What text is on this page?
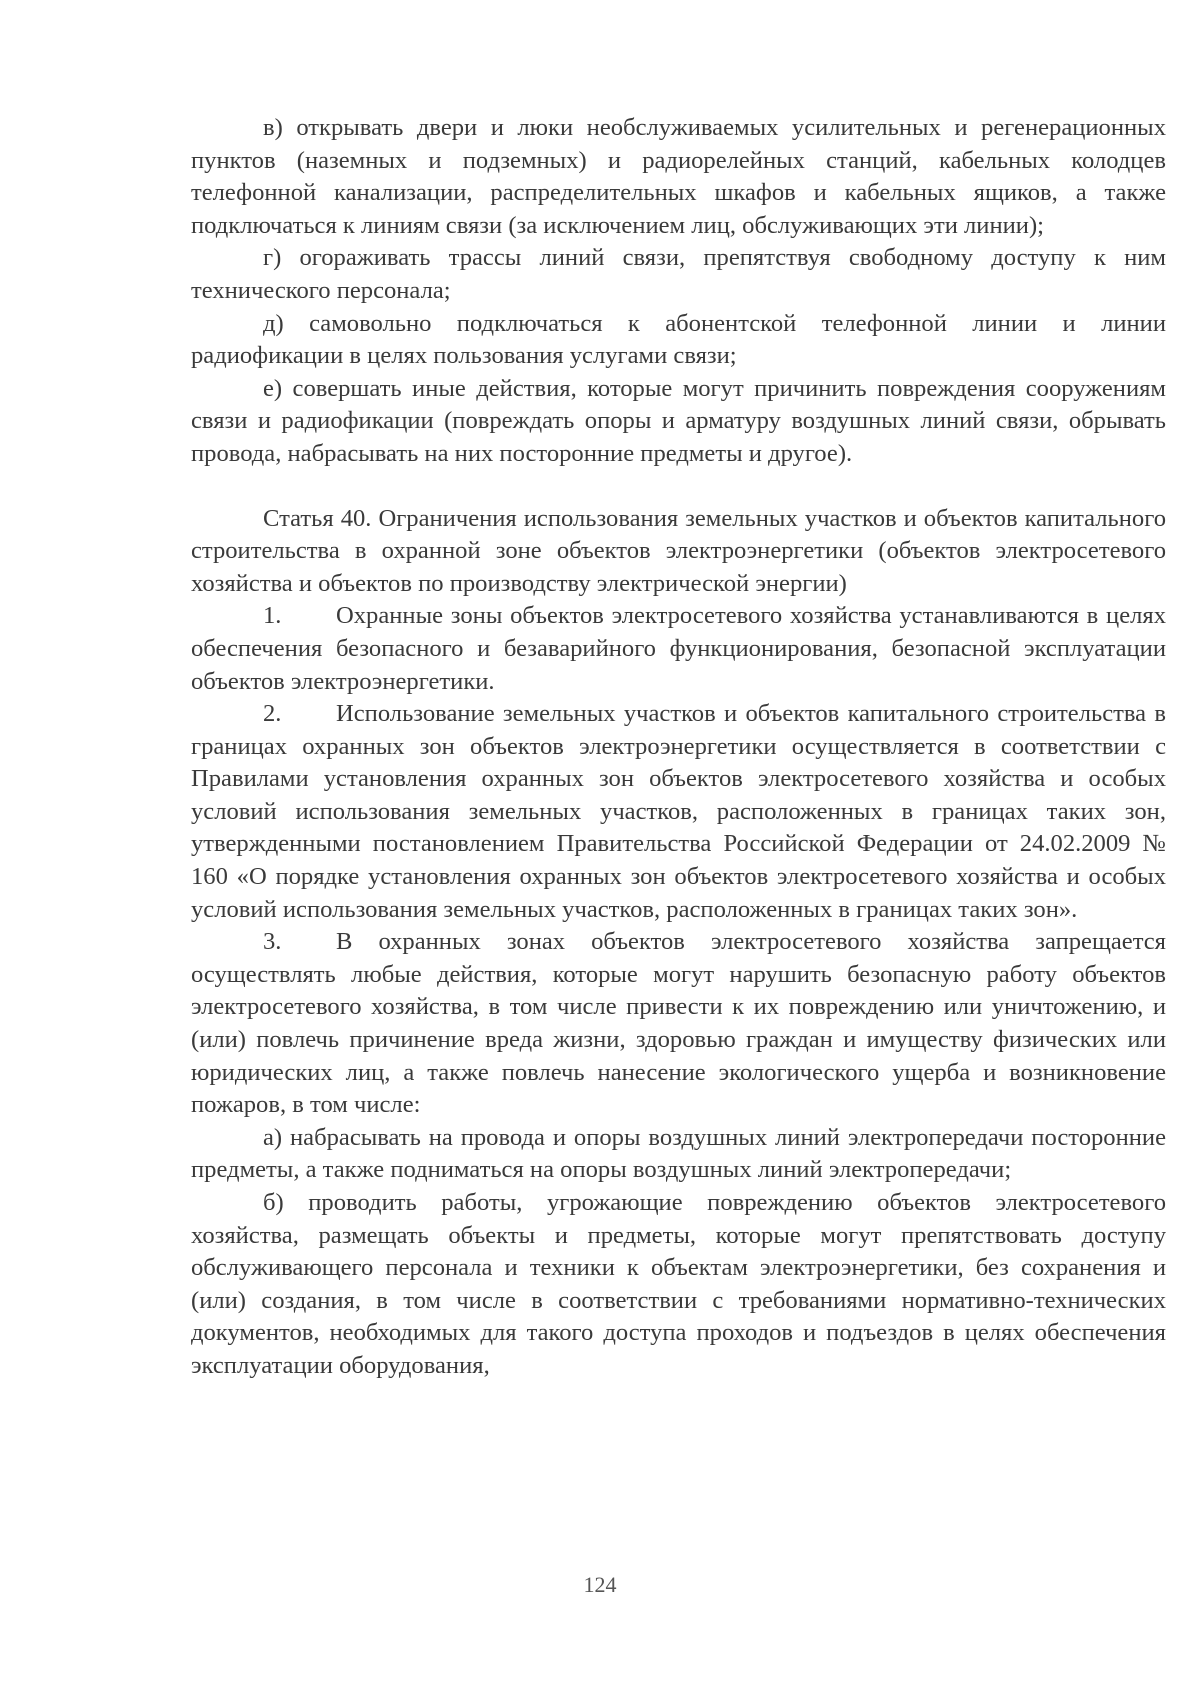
в) открывать двери и люки необслуживаемых усилительных и регенерационных пунктов (наземных и подземных) и радиорелейных станций, кабельных колодцев телефонной канализации, распределительных шкафов и кабельных ящиков, а также подключаться к линиям связи (за исключением лиц, обслуживающих эти линии);

г) огораживать трассы линий связи, препятствуя свободному доступу к ним технического персонала;

д) самовольно подключаться к абонентской телефонной линии и линии радиофикации в целях пользования услугами связи;

е) совершать иные действия, которые могут причинить повреждения сооружениям связи и радиофикации (повреждать опоры и арматуру воздушных линий связи, обрывать провода, набрасывать на них посторонние предметы и другое).

Статья 40. Ограничения использования земельных участков и объектов капитального строительства в охранной зоне объектов электроэнергетики (объектов электросетевого хозяйства и объектов по производству электрической энергии)

1. Охранные зоны объектов электросетевого хозяйства устанавливаются в целях обеспечения безопасного и безаварийного функционирования, безопасной эксплуатации объектов электроэнергетики.

2. Использование земельных участков и объектов капитального строительства в границах охранных зон объектов электроэнергетики осуществляется в соответствии с Правилами установления охранных зон объектов электросетевого хозяйства и особых условий использования земельных участков, расположенных в границах таких зон, утвержденными постановлением Правительства Российской Федерации от 24.02.2009 № 160 «О порядке установления охранных зон объектов электросетевого хозяйства и особых условий использования земельных участков, расположенных в границах таких зон».

3. В охранных зонах объектов электросетевого хозяйства запрещается осуществлять любые действия, которые могут нарушить безопасную работу объектов электросетевого хозяйства, в том числе привести к их повреждению или уничтожению, и (или) повлечь причинение вреда жизни, здоровью граждан и имуществу физических или юридических лиц, а также повлечь нанесение экологического ущерба и возникновение пожаров, в том числе:

а) набрасывать на провода и опоры воздушных линий электропередачи посторонние предметы, а также подниматься на опоры воздушных линий электропередачи;

б) проводить работы, угрожающие повреждению объектов электросетевого хозяйства, размещать объекты и предметы, которые могут препятствовать доступу обслуживающего персонала и техники к объектам электроэнергетики, без сохранения и (или) создания, в том числе в соответствии с требованиями нормативно-технических документов, необходимых для такого доступа проходов и подъездов в целях обеспечения эксплуатации оборудования,

124
